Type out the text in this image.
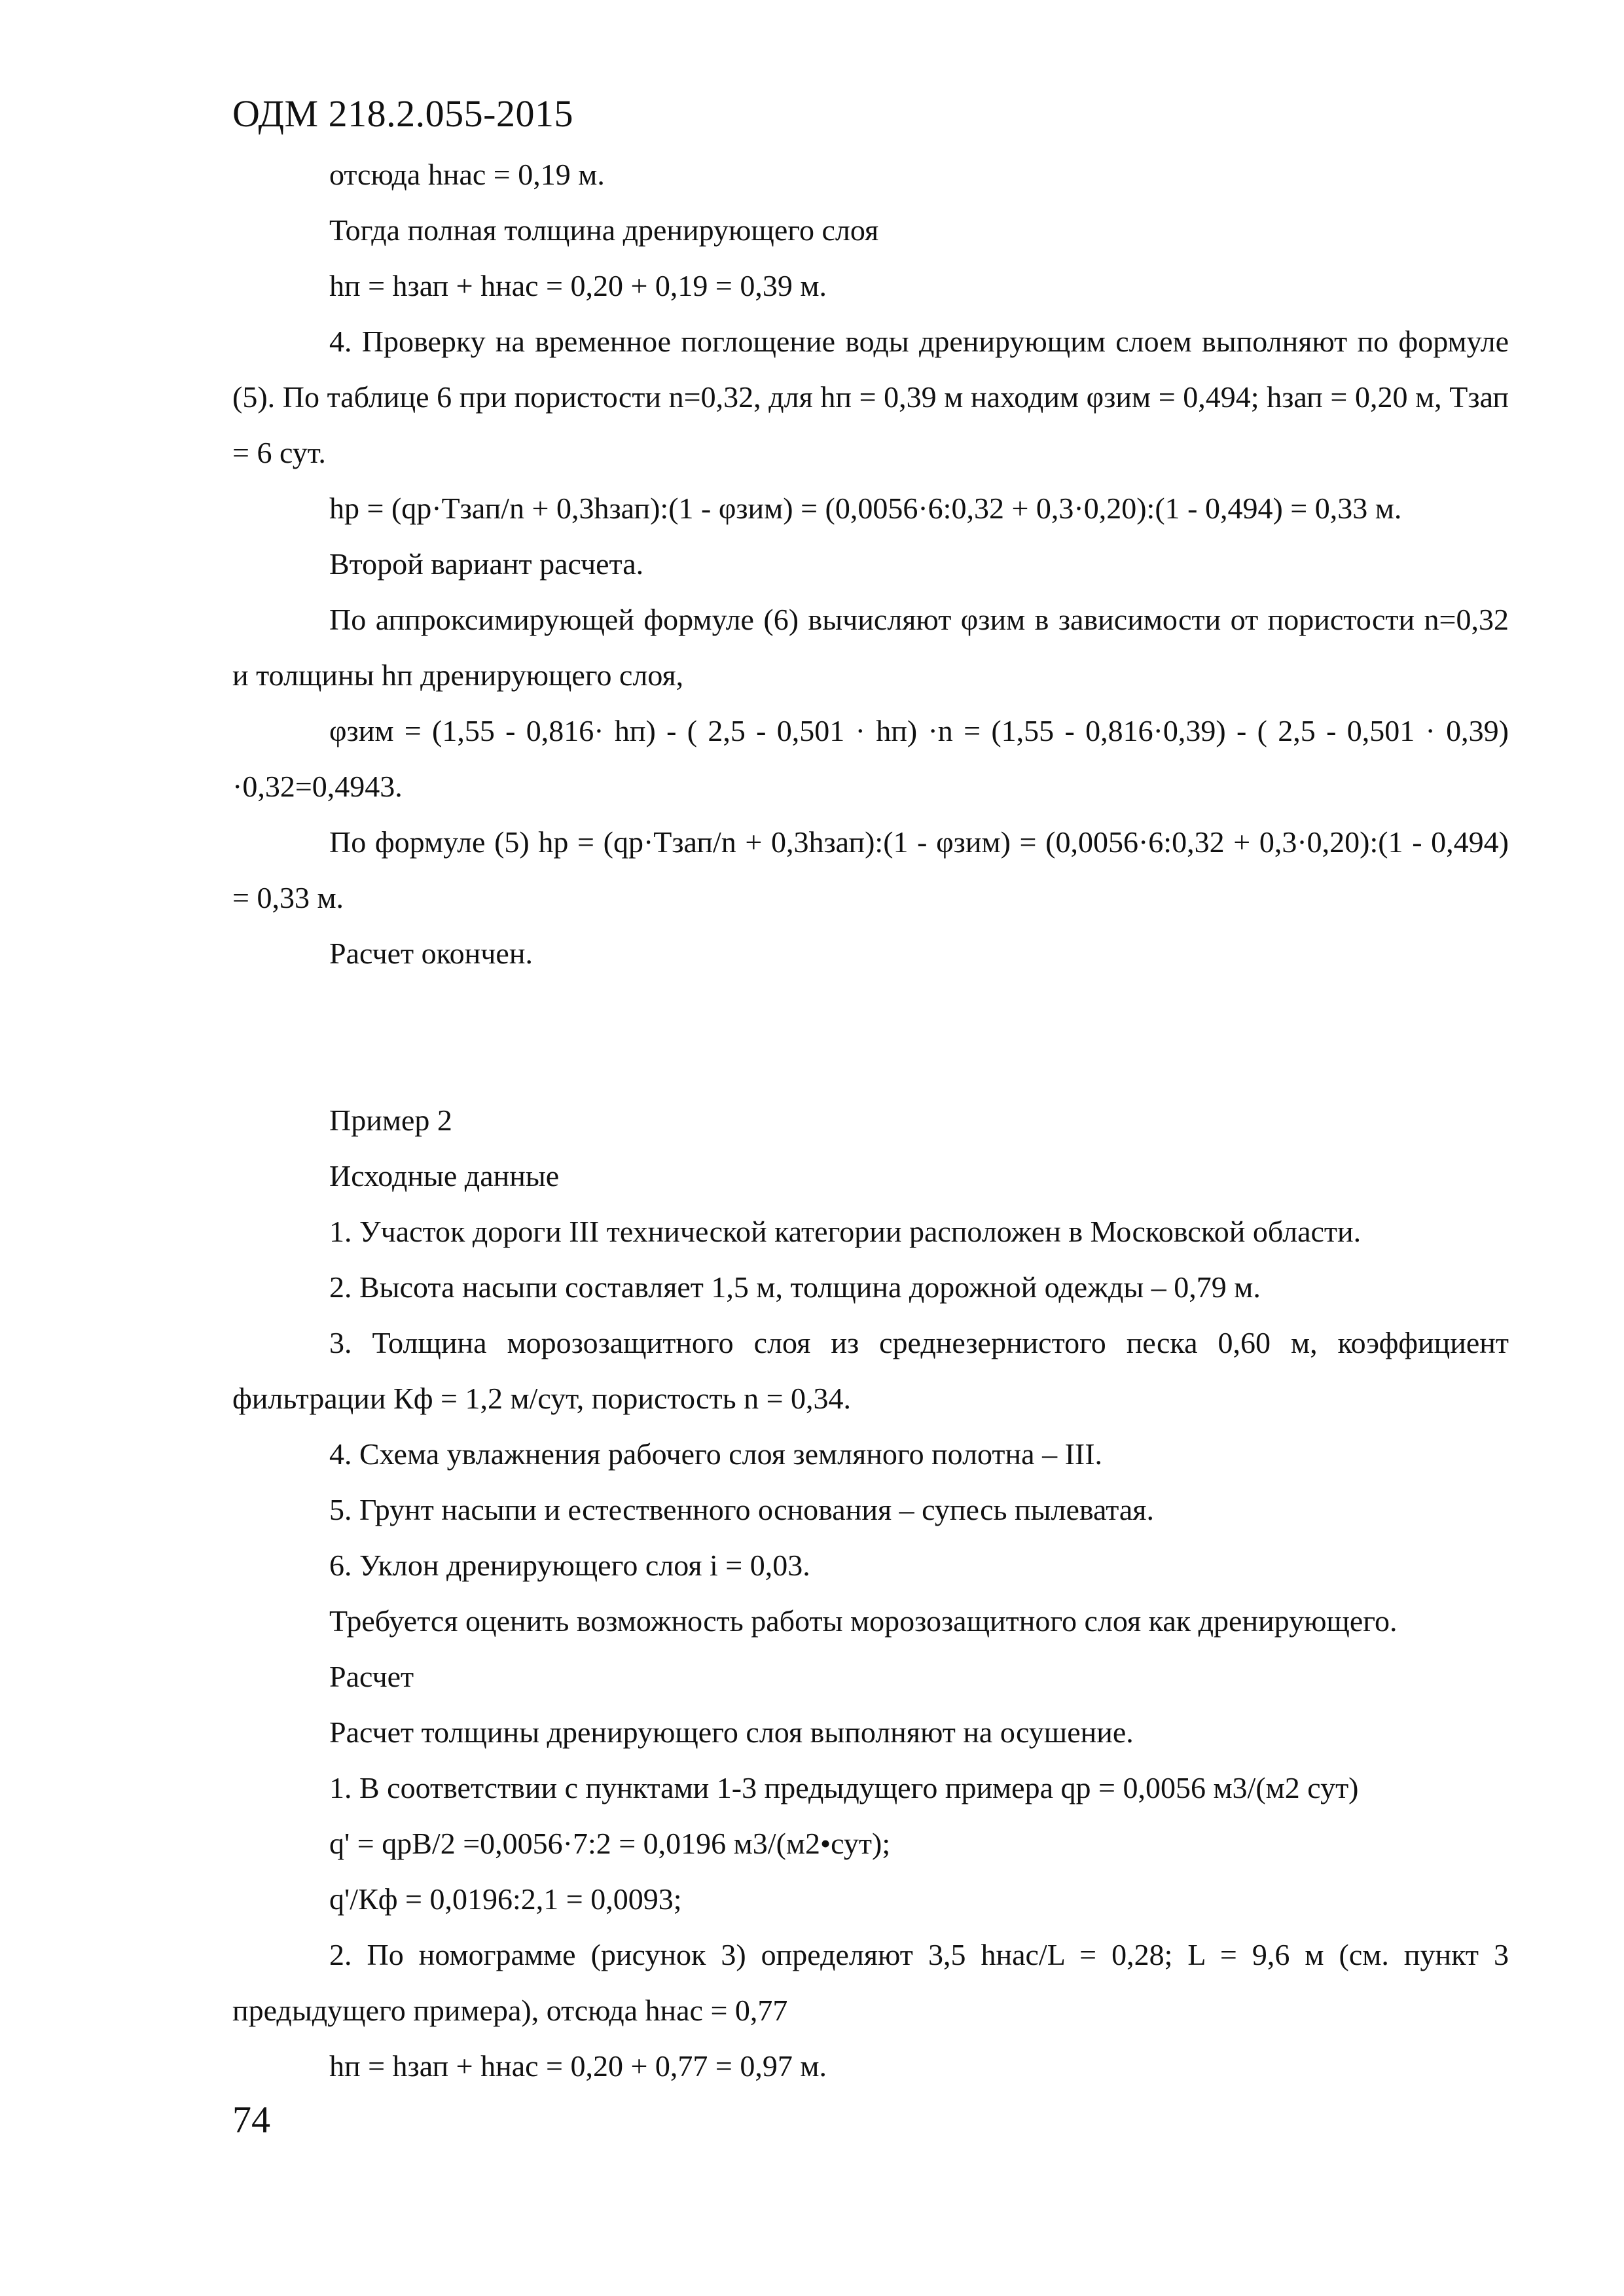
ОДМ 218.2.055-2015

отсюда hнас = 0,19 м.

Тогда полная толщина дренирующего слоя

hп = hзап + hнас = 0,20 + 0,19 = 0,39 м.

4. Проверку на временное поглощение воды дренирующим слоем выполняют по формуле (5). По таблице 6 при пористости n=0,32, для hп = 0,39 м находим φзим = 0,494; hзап = 0,20 м, Тзап = 6 сут.

hр = (qр·Тзап/n + 0,3hзап):(1 - φзим) = (0,0056·6:0,32 + 0,3·0,20):(1 - 0,494) = 0,33 м.

Второй вариант расчета.

По аппроксимирующей формуле (6) вычисляют φзим в зависимости от пористости n=0,32 и толщины hп дренирующего слоя,

φзим = (1,55 - 0,816· hп) - ( 2,5 - 0,501 · hп) ·n = (1,55 - 0,816·0,39) - ( 2,5 - 0,501 · 0,39) ·0,32=0,4943.

По формуле (5) hр = (qр·Тзап/n + 0,3hзап):(1 - φзим) = (0,0056·6:0,32 + 0,3·0,20):(1 - 0,494) = 0,33 м.

Расчет окончен.

Пример 2

Исходные данные

1. Участок дороги III технической категории расположен в Московской области.

2. Высота насыпи составляет 1,5 м, толщина дорожной одежды – 0,79 м.

3. Толщина морозозащитного слоя из среднезернистого песка 0,60 м, коэффициент фильтрации Кф = 1,2 м/сут, пористость n = 0,34.

4. Схема увлажнения рабочего слоя земляного полотна – III.

5. Грунт насыпи и естественного основания – супесь пылеватая.

6. Уклон дренирующего слоя i = 0,03.

Требуется оценить возможность работы морозозащитного слоя как дренирующего.

Расчет

Расчет толщины дренирующего слоя выполняют на осушение.

1. В соответствии с пунктами 1-3 предыдущего примера qр = 0,0056 м3/(м2 сут)

q' = qрВ/2 =0,0056·7:2 = 0,0196 м3/(м2•сут);

q'/Кф = 0,0196:2,1 = 0,0093;

2. По номограмме (рисунок 3) определяют 3,5 hнас/L = 0,28; L = 9,6 м (см. пункт 3 предыдущего примера), отсюда hнас = 0,77

hп = hзап + hнас = 0,20 + 0,77 = 0,97 м.

74
